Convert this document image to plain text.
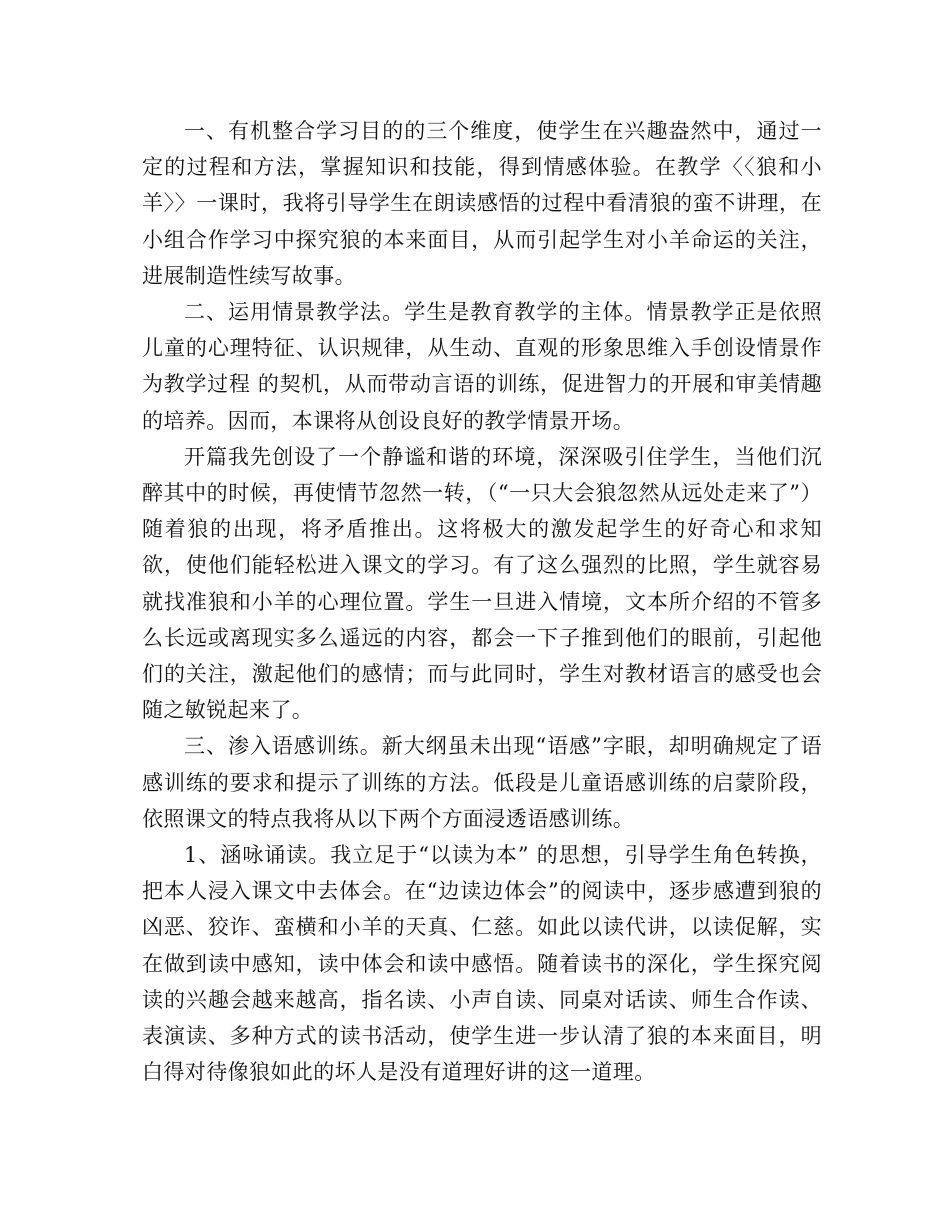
一、有机整合学习目的的三个维度，使学生在兴趣盎然中，通过一定的过程和方法，掌握知识和技能，得到情感体验。在教学〈〈狼和小羊〉〉一课时，我将引导学生在朗读感悟的过程中看清狼的蛮不讲理，在小组合作学习中探究狼的本来面目，从而引起学生对小羊命运的关注，进展制造性续写故事。

二、运用情景教学法。学生是教育教学的主体。情景教学正是依照儿童的心理特征、认识规律，从生动、直观的形象思维入手创设情景作为教学过程 的契机，从而带动言语的训练，促进智力的开展和审美情趣的培养。因而，本课将从创设良好的教学情景开场。

开篇我先创设了一个静谧和谐的环境，深深吸引住学生，当他们沉醉其中的时候，再使情节忽然一转，（“一只大会狼忽然从远处走来了”）随着狼的出现，将矛盾推出。这将极大的激发起学生的好奇心和求知欲，使他们能轻松进入课文的学习。有了这么强烈的比照，学生就容易就找准狼和小羊的心理位置。学生一旦进入情境，文本所介绍的不管多么长远或离现实多么遥远的内容，都会一下子推到他们的眼前，引起他们的关注，激起他们的感情；而与此同时，学生对教材语言的感受也会随之敏锐起来了。

三、渗入语感训练。新大纲虽未出现“语感”字眼，却明确规定了语感训练的要求和提示了训练的方法。低段是儿童语感训练的启蒙阶段，依照课文的特点我将从以下两个方面浸透语感训练。

1、涵咏诵读。我立足于“以读为本” 的思想，引导学生角色转换，把本人浸入课文中去体会。在“边读边体会”的阅读中，逐步感遭到狼的凶恶、狡诈、蛮横和小羊的天真、仁慈。如此以读代讲，以读促解，实在做到读中感知，读中体会和读中感悟。随着读书的深化，学生探究阅读的兴趣会越来越高，指名读、小声自读、同桌对话读、师生合作读、表演读、多种方式的读书活动，使学生进一步认清了狼的本来面目，明白得对待像狼如此的坏人是没有道理好讲的这一道理。
